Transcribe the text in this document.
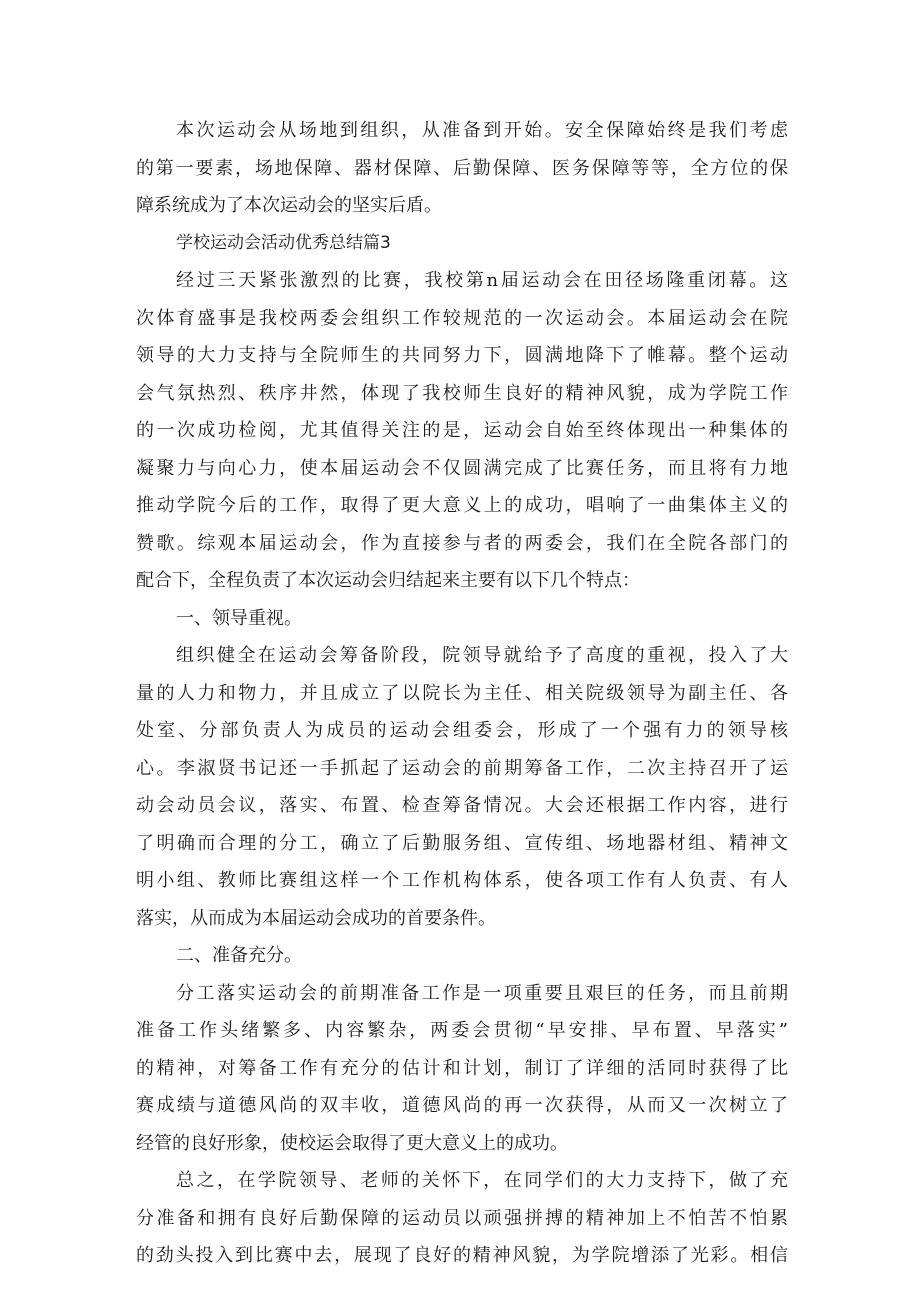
本次运动会从场地到组织，从准备到开始。安全保障始终是我们考虑
的第一要素，场地保障、器材保障、后勤保障、医务保障等等，全方位的保
障系统成为了本次运动会的坚实后盾。
学校运动会活动优秀总结篇3
经过三天紧张激烈的比赛，我校第n届运动会在田径场隆重闭幕。这
次体育盛事是我校两委会组织工作较规范的一次运动会。本届运动会在院
领导的大力支持与全院师生的共同努力下，圆满地降下了帷幕。整个运动
会气氛热烈、秩序井然，体现了我校师生良好的精神风貌，成为学院工作
的一次成功检阅，尤其值得关注的是，运动会自始至终体现出一种集体的
凝聚力与向心力，使本届运动会不仅圆满完成了比赛任务，而且将有力地
推动学院今后的工作，取得了更大意义上的成功，唱响了一曲集体主义的
赞歌。综观本届运动会，作为直接参与者的两委会，我们在全院各部门的
配合下，全程负责了本次运动会归结起来主要有以下几个特点：
一、领导重视。
组织健全在运动会筹备阶段，院领导就给予了高度的重视，投入了大
量的人力和物力，并且成立了以院长为主任、相关院级领导为副主任、各
处室、分部负责人为成员的运动会组委会，形成了一个强有力的领导核
心。李淑贤书记还一手抓起了运动会的前期筹备工作，二次主持召开了运
动会动员会议，落实、布置、检查筹备情况。大会还根据工作内容，进行
了明确而合理的分工，确立了后勤服务组、宣传组、场地器材组、精神文
明小组、教师比赛组这样一个工作机构体系，使各项工作有人负责、有人
落实，从而成为本届运动会成功的首要条件。
二、准备充分。
分工落实运动会的前期准备工作是一项重要且艰巨的任务，而且前期
准备工作头绪繁多、内容繁杂，两委会贯彻“早安排、早布置、早落实”
的精神，对筹备工作有充分的估计和计划，制订了详细的活同时获得了比
赛成绩与道德风尚的双丰收，道德风尚的再一次获得，从而又一次树立了
经管的良好形象，使校运会取得了更大意义上的成功。
总之，在学院领导、老师的关怀下，在同学们的大力支持下，做了充
分准备和拥有良好后勤保障的运动员以顽强拼搏的精神加上不怕苦不怕累
的劲头投入到比赛中去，展现了良好的精神风貌，为学院增添了光彩。相信
